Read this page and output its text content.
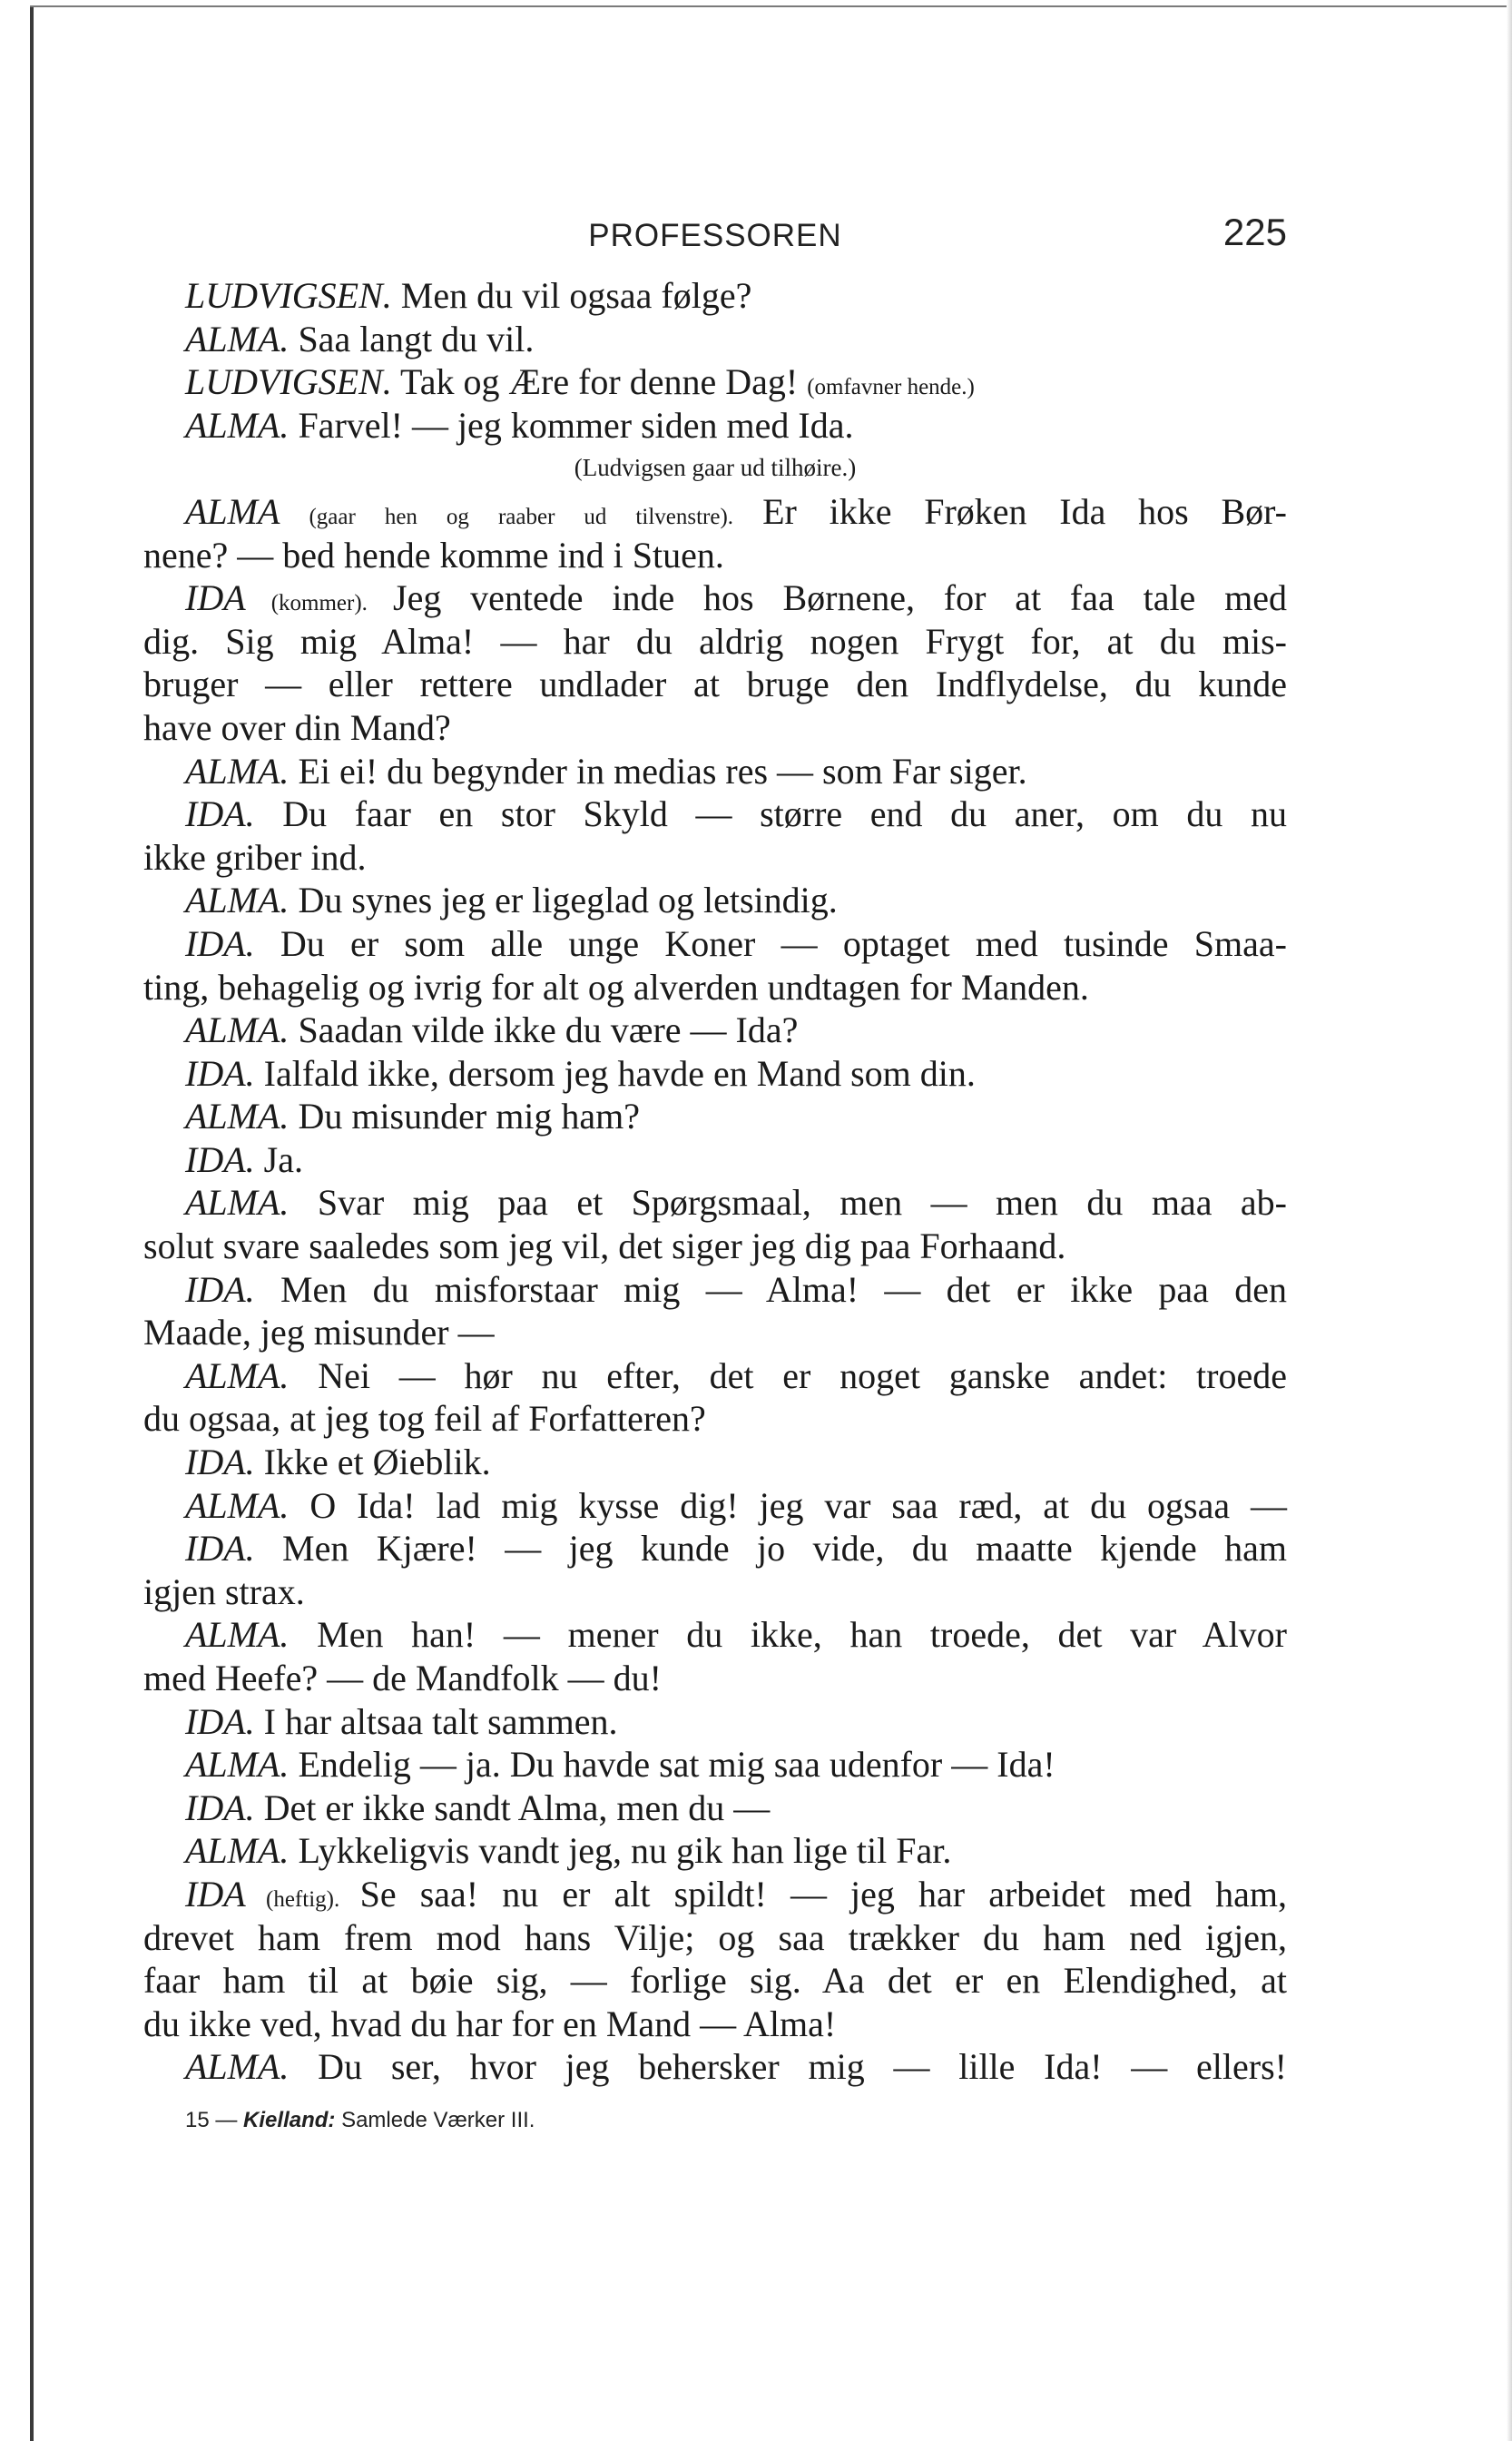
PROFESSOREN	225
LUDVIGSEN. Men du vil ogsaa følge?
ALMA. Saa langt du vil.
LUDVIGSEN. Tak og Ære for denne Dag! (omfavner hende.)
ALMA. Farvel! — jeg kommer siden med Ida.
(Ludvigsen gaar ud tilhøire.)
ALMA (gaar hen og raaber ud tilvenstre). Er ikke Frøken Ida hos Bør-
nene? — bed hende komme ind i Stuen.
IDA (kommer). Jeg ventede inde hos Børnene, for at faa tale med
dig. Sig mig Alma! — har du aldrig nogen Frygt for, at du mis-
bruger — eller rettere undlader at bruge den Indflydelse, du kunde
have over din Mand?
ALMA. Ei ei! du begynder in medias res — som Far siger.
IDA. Du faar en stor Skyld — større end du aner, om du nu
ikke griber ind.
ALMA. Du synes jeg er ligeglad og letsindig.
IDA. Du er som alle unge Koner — optaget med tusinde Smaa-
ting, behagelig og ivrig for alt og alverden undtagen for Manden.
ALMA. Saadan vilde ikke du være — Ida?
IDA. Ialfald ikke, dersom jeg havde en Mand som din.
ALMA. Du misunder mig ham?
IDA. Ja.
ALMA. Svar mig paa et Spørgsmaal, men — men du maa ab-
solut svare saaledes som jeg vil, det siger jeg dig paa Forhaand.
IDA. Men du misforstaar mig — Alma! — det er ikke paa den
Maade, jeg misunder —
ALMA. Nei — hør nu efter, det er noget ganske andet: troede
du ogsaa, at jeg tog feil af Forfatteren?
IDA. Ikke et Øieblik.
ALMA. O Ida! lad mig kysse dig! jeg var saa ræd, at du ogsaa —
IDA. Men Kjære! — jeg kunde jo vide, du maatte kjende ham
igjen strax.
ALMA. Men han! — mener du ikke, han troede, det var Alvor
med Heefe? — de Mandfolk — du!
IDA. I har altsaa talt sammen.
ALMA. Endelig — ja. Du havde sat mig saa udenfor — Ida!
IDA. Det er ikke sandt Alma, men du —
ALMA. Lykkeligvis vandt jeg, nu gik han lige til Far.
IDA (heftig). Se saa! nu er alt spildt! — jeg har arbeidet med ham,
drevet ham frem mod hans Vilje; og saa trækker du ham ned igjen,
faar ham til at bøie sig, — forlige sig. Aa det er en Elendighed, at
du ikke ved, hvad du har for en Mand — Alma!
ALMA. Du ser, hvor jeg behersker mig — lille Ida! — ellers!
15 — Kielland: Samlede Værker III.
